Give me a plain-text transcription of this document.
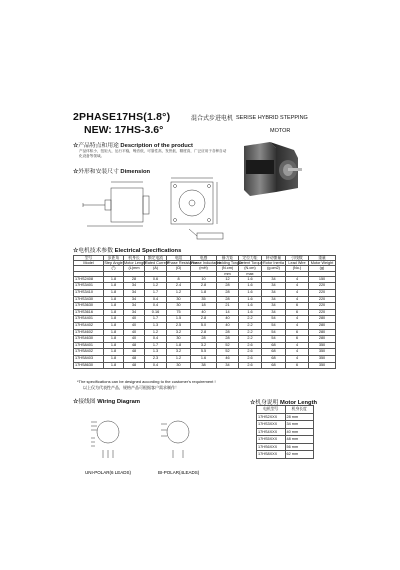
2PHASE17HS(1.8°)	混合式步进电机
NEW: 17HS-3.6°
SERISE HYBRID STEPPING
MOTOR
☆产品特点和用途 Description of the product
产品体积小，扭矩大，运行平稳，噪音低，可靠性高，发热低，精度高，广泛应用于各种自动化设备等领域。
☆外形和安装尺寸 Dimension
☆电机技术参数 Electrical Specifications
型号	步距角	机身长	额定电流	电阻	电感	静力矩	定位力矩	转动惯量	引线数	重量
Model	Step Angle	Motor Length	Rated Current	Phase Resistance	Phase Inductance	Holding Torque	Detent Torque	Rotor Inertia	Lead Wire	Motor Weight
	(°)	(L)mm	(A)	(Ω)	(mH)	(N.cm)	(N.cm)	(g.cm2)	(No.)	(g)
						mm	max			
17HS2408	1.8	28	0.6	8	10	12	1.6	34	4	150
17HS3401	1.8	34	1.2	2.4	2.8	28	1.6	34	4	220
17HS3410	1.8	34	1.7	1.2	1.8	28	1.6	34	4	220
17HS3430	1.8	34	0.4	30	35	28	1.6	34	4	220
17HS3630	1.8	34	0.4	30	18	21	1.6	34	6	220
17HS3616	1.8	34	0.16	75	40	14	1.6	34	6	220
17HS4401	1.8	40	1.7	1.5	2.8	40	2.2	54	4	280
17HS4402	1.8	40	1.3	2.5	5.0	40	2.2	54	4	280
17HS4602	1.8	40	1.2	3.2	2.8	28	2.2	54	6	280
17HS4630	1.8	40	0.4	30	28	28	2.2	54	6	280
17HS8401	1.8	48	1.7	1.8	3.2	52	2.6	68	4	350
17HS8402	1.8	48	1.3	3.2	5.5	52	2.6	68	4	350
17HS8403	1.8	48	2.3	1.2	1.6	46	2.6	68	4	350
17HS8630	1.8	48	0.4	30	38	34	2.6	68	6	350
*The specifications can be designed according to the customer's requirement !
以上仅为代表性产品，规格产品可根据客户需求制作！
☆接线图 Wiring Diagram
UNI-POLAR(6 LEADS)	BI-POLAR(4LEADS)
☆机身说明 Motor Length
电机型号	机身长度
17HS2XXX	28 mm
17HS3XXX	34 mm
17HS4XXX	40 mm
17HS5XXX	48 mm
17HS6XXX	56 mm
17HS8XXX	62 mm
